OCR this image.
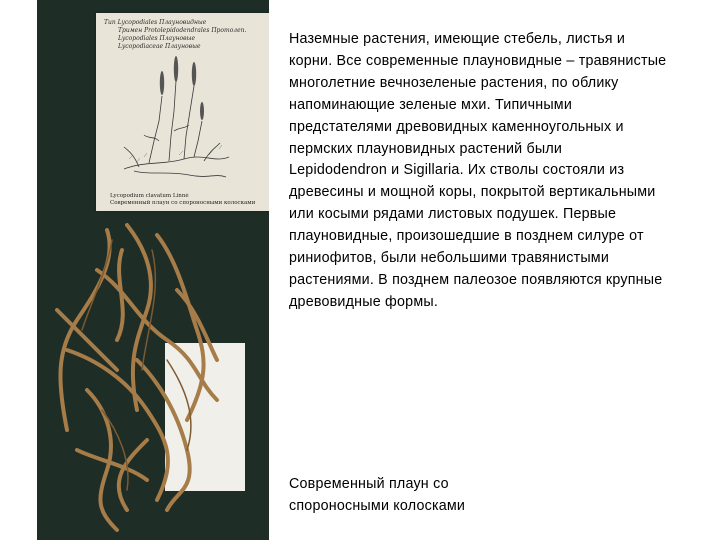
Tип Lycopodiales Плауновидные
Тримен Protolepidodendrales Протолеп.
Lycopodiales Плауновые
Lycopodiaceae Плауновые
Lycopodium clavatum Linné
Современный плаун со спороносными колосками

Наземные растения, имеющие стебель, листья и
корни. Все современные плауновидные – травянистые
многолетние вечнозеленые растения, по облику
напоминающие зеленые мхи. Типичными
предстателями древовидных каменноугольных и
пермских плауновидных растений были
Lepidodendron и Sigillaria. Их стволы состояли из
древесины и мощной коры, покрытой вертикальными
или косыми рядами листовых подушек. Первые
плауновидные, произошедшие в позднем силуре от
риниофитов, были небольшими травянистыми
растениями. В позднем палеозое появляются крупные
древовидные формы.

Современный плаун со
спороносными колосками
